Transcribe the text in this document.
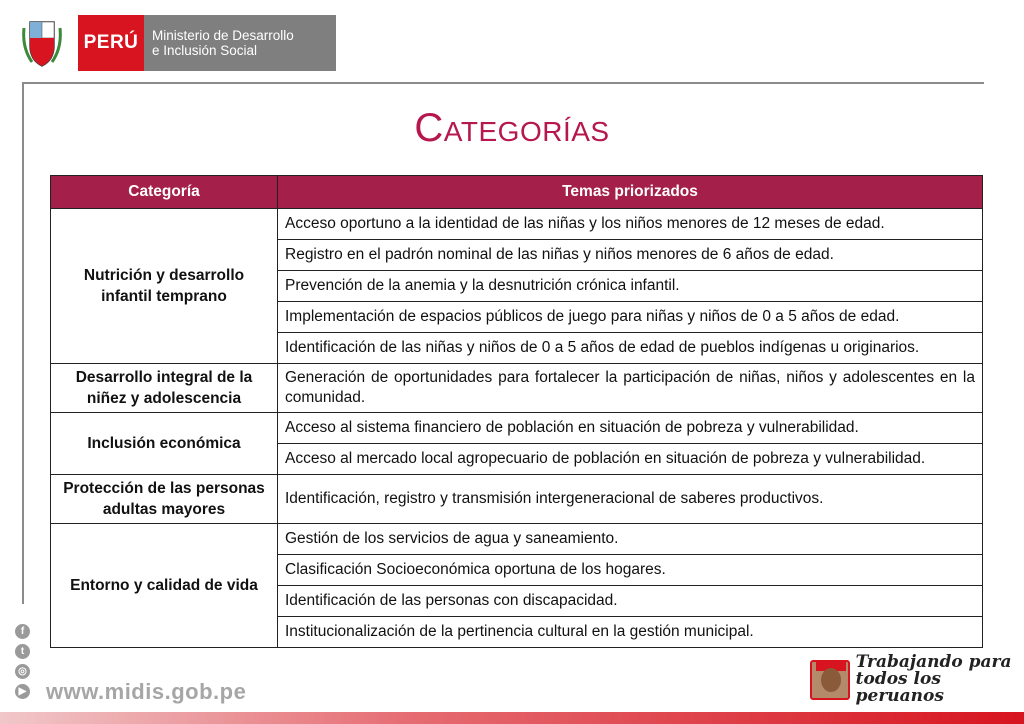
PERÚ Ministerio de Desarrollo
e Inclusión Social
Categorías
Categoría	Temas priorizados
Nutrición y desarrollo infantil temprano	Acceso oportuno a la identidad de las niñas y los niños menores de 12 meses de edad.
	Registro en el padrón nominal de las niñas y niños menores de 6 años de edad.
	Prevención de la anemia y la desnutrición crónica infantil.
	Implementación de espacios públicos de juego para niñas y niños de 0 a 5 años de edad.
	Identificación de las niñas y niños de 0 a 5 años de edad de pueblos indígenas u originarios.
Desarrollo integral de la niñez y adolescencia	Generación de oportunidades para fortalecer la participación de niñas, niños y adolescentes en la comunidad.
Inclusión económica	Acceso al sistema financiero de población en situación de pobreza y vulnerabilidad.
	Acceso al mercado local agropecuario de población en situación de pobreza y vulnerabilidad.
Protección de las personas adultas mayores	Identificación, registro y transmisión intergeneracional de saberes productivos.
Entorno y calidad de vida	Gestión de los servicios de agua y saneamiento.
	Clasificación Socioeconómica oportuna de los hogares.
	Identificación de las personas con discapacidad.
	Institucionalización de la pertinencia cultural en la gestión municipal.
f
t
◎
▶ www.midis.gob.pe
Trabajando para
todos los peruanos
